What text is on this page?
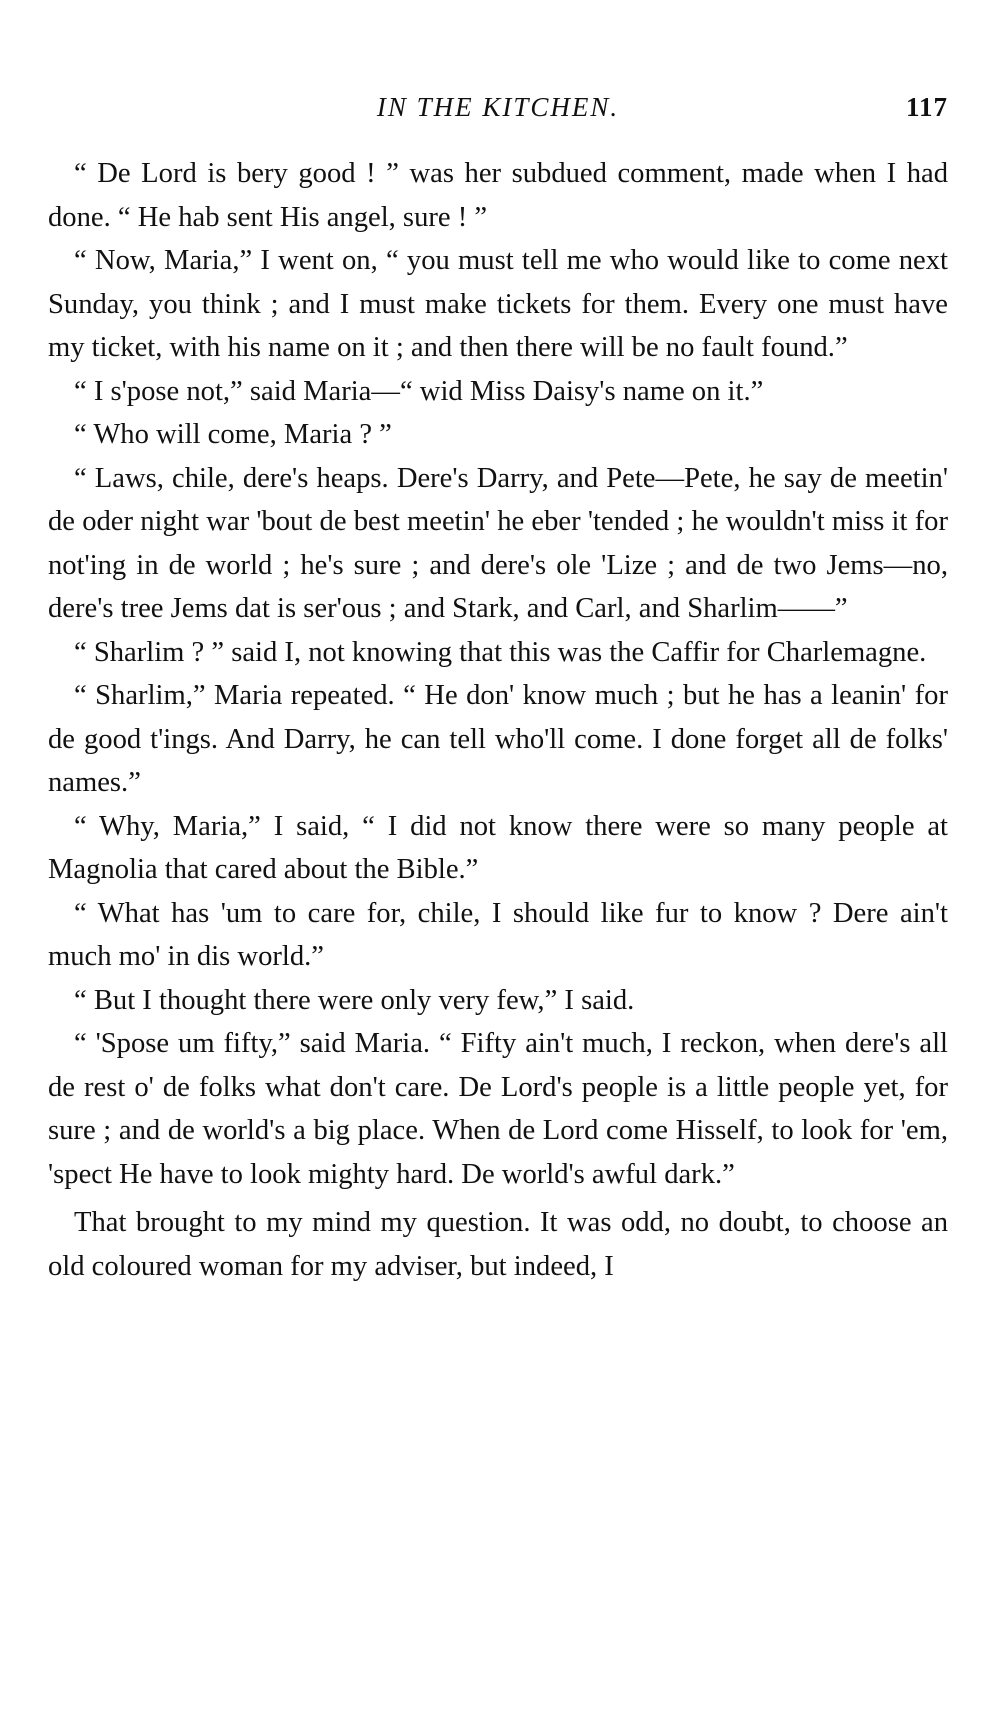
IN THE KITCHEN.	117

“ De Lord is bery good ! ” was her subdued comment, made when I had done. “ He hab sent His angel, sure ! ”

“ Now, Maria,” I went on, “ you must tell me who would like to come next Sunday, you think ; and I must make tickets for them. Every one must have my ticket, with his name on it ; and then there will be no fault found.”

“ I s'pose not,” said Maria—“ wid Miss Daisy's name on it.”

“ Who will come, Maria ? ”

“ Laws, chile, dere's heaps. Dere's Darry, and Pete—Pete, he say de meetin' de oder night war 'bout de best meetin' he eber 'tended ; he wouldn't miss it for not'ing in de world ; he's sure ; and dere's ole 'Lize ; and de two Jems—no, dere's tree Jems dat is ser'ous ; and Stark, and Carl, and Sharlim——”

“ Sharlim ? ” said I, not knowing that this was the Caffir for Charlemagne.

“ Sharlim,” Maria repeated. “ He don' know much ; but he has a leanin' for de good t'ings. And Darry, he can tell who'll come. I done forget all de folks' names.”

“ Why, Maria,” I said, “ I did not know there were so many people at Magnolia that cared about the Bible.”

“ What has 'um to care for, chile, I should like fur to know ? Dere ain't much mo' in dis world.”

“ But I thought there were only very few,” I said.

“ 'Spose um fifty,” said Maria. “ Fifty ain't much, I reckon, when dere's all de rest o' de folks what don't care. De Lord's people is a little people yet, for sure ; and de world's a big place. When de Lord come Hisself, to look for 'em, 'spect He have to look mighty hard. De world's awful dark.”

That brought to my mind my question. It was odd, no doubt, to choose an old coloured woman for my adviser, but indeed, I
